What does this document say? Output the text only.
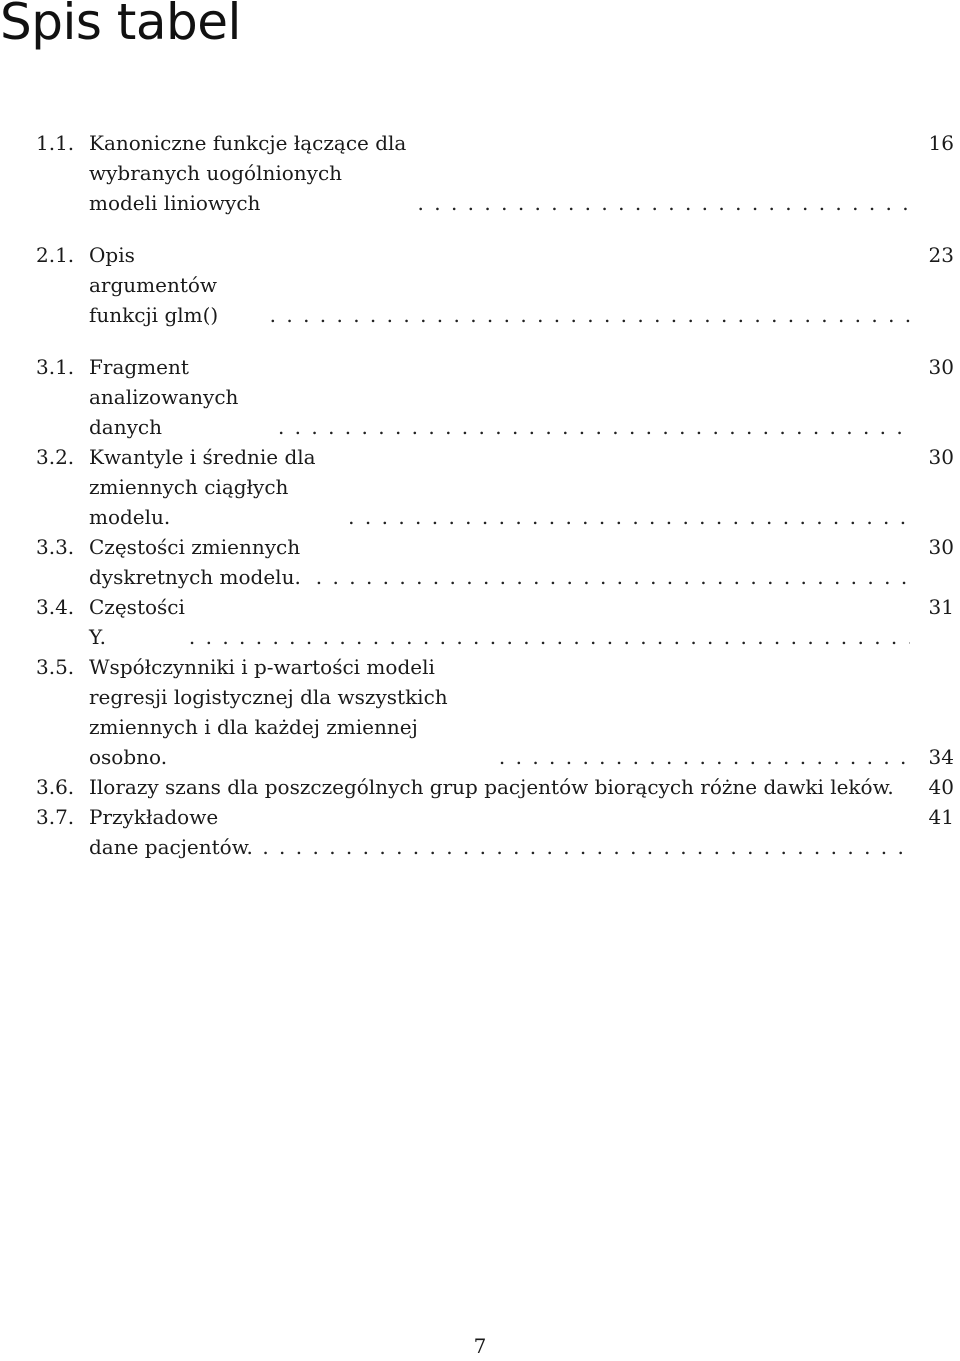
Spis tabel
1.1. Kanoniczne funkcje łączące dla wybranych uogólnionych modeli liniowych
. . .
16
2.1. Opis argumentów funkcji glm()
. . .
23
3.1. Fragment analizowanych danych
. . .
30
3.2. Kwantyle i średnie dla zmiennych ciągłych modelu.
. . .
30
3.3. Częstości zmiennych dyskretnych modelu.
. . .
30
3.4. Częstości Y.
. . .
31
3.5. Współczynniki i p-wartości modeli regresji logistycznej dla wszystkich zmiennych i dla każdej zmiennej osobno.
. . .	34
3.6. Ilorazy szans dla poszczególnych grup pacjentów biorących różne dawki leków.	40
3.7. Przykładowe dane pacjentów.
. . .
41
7
